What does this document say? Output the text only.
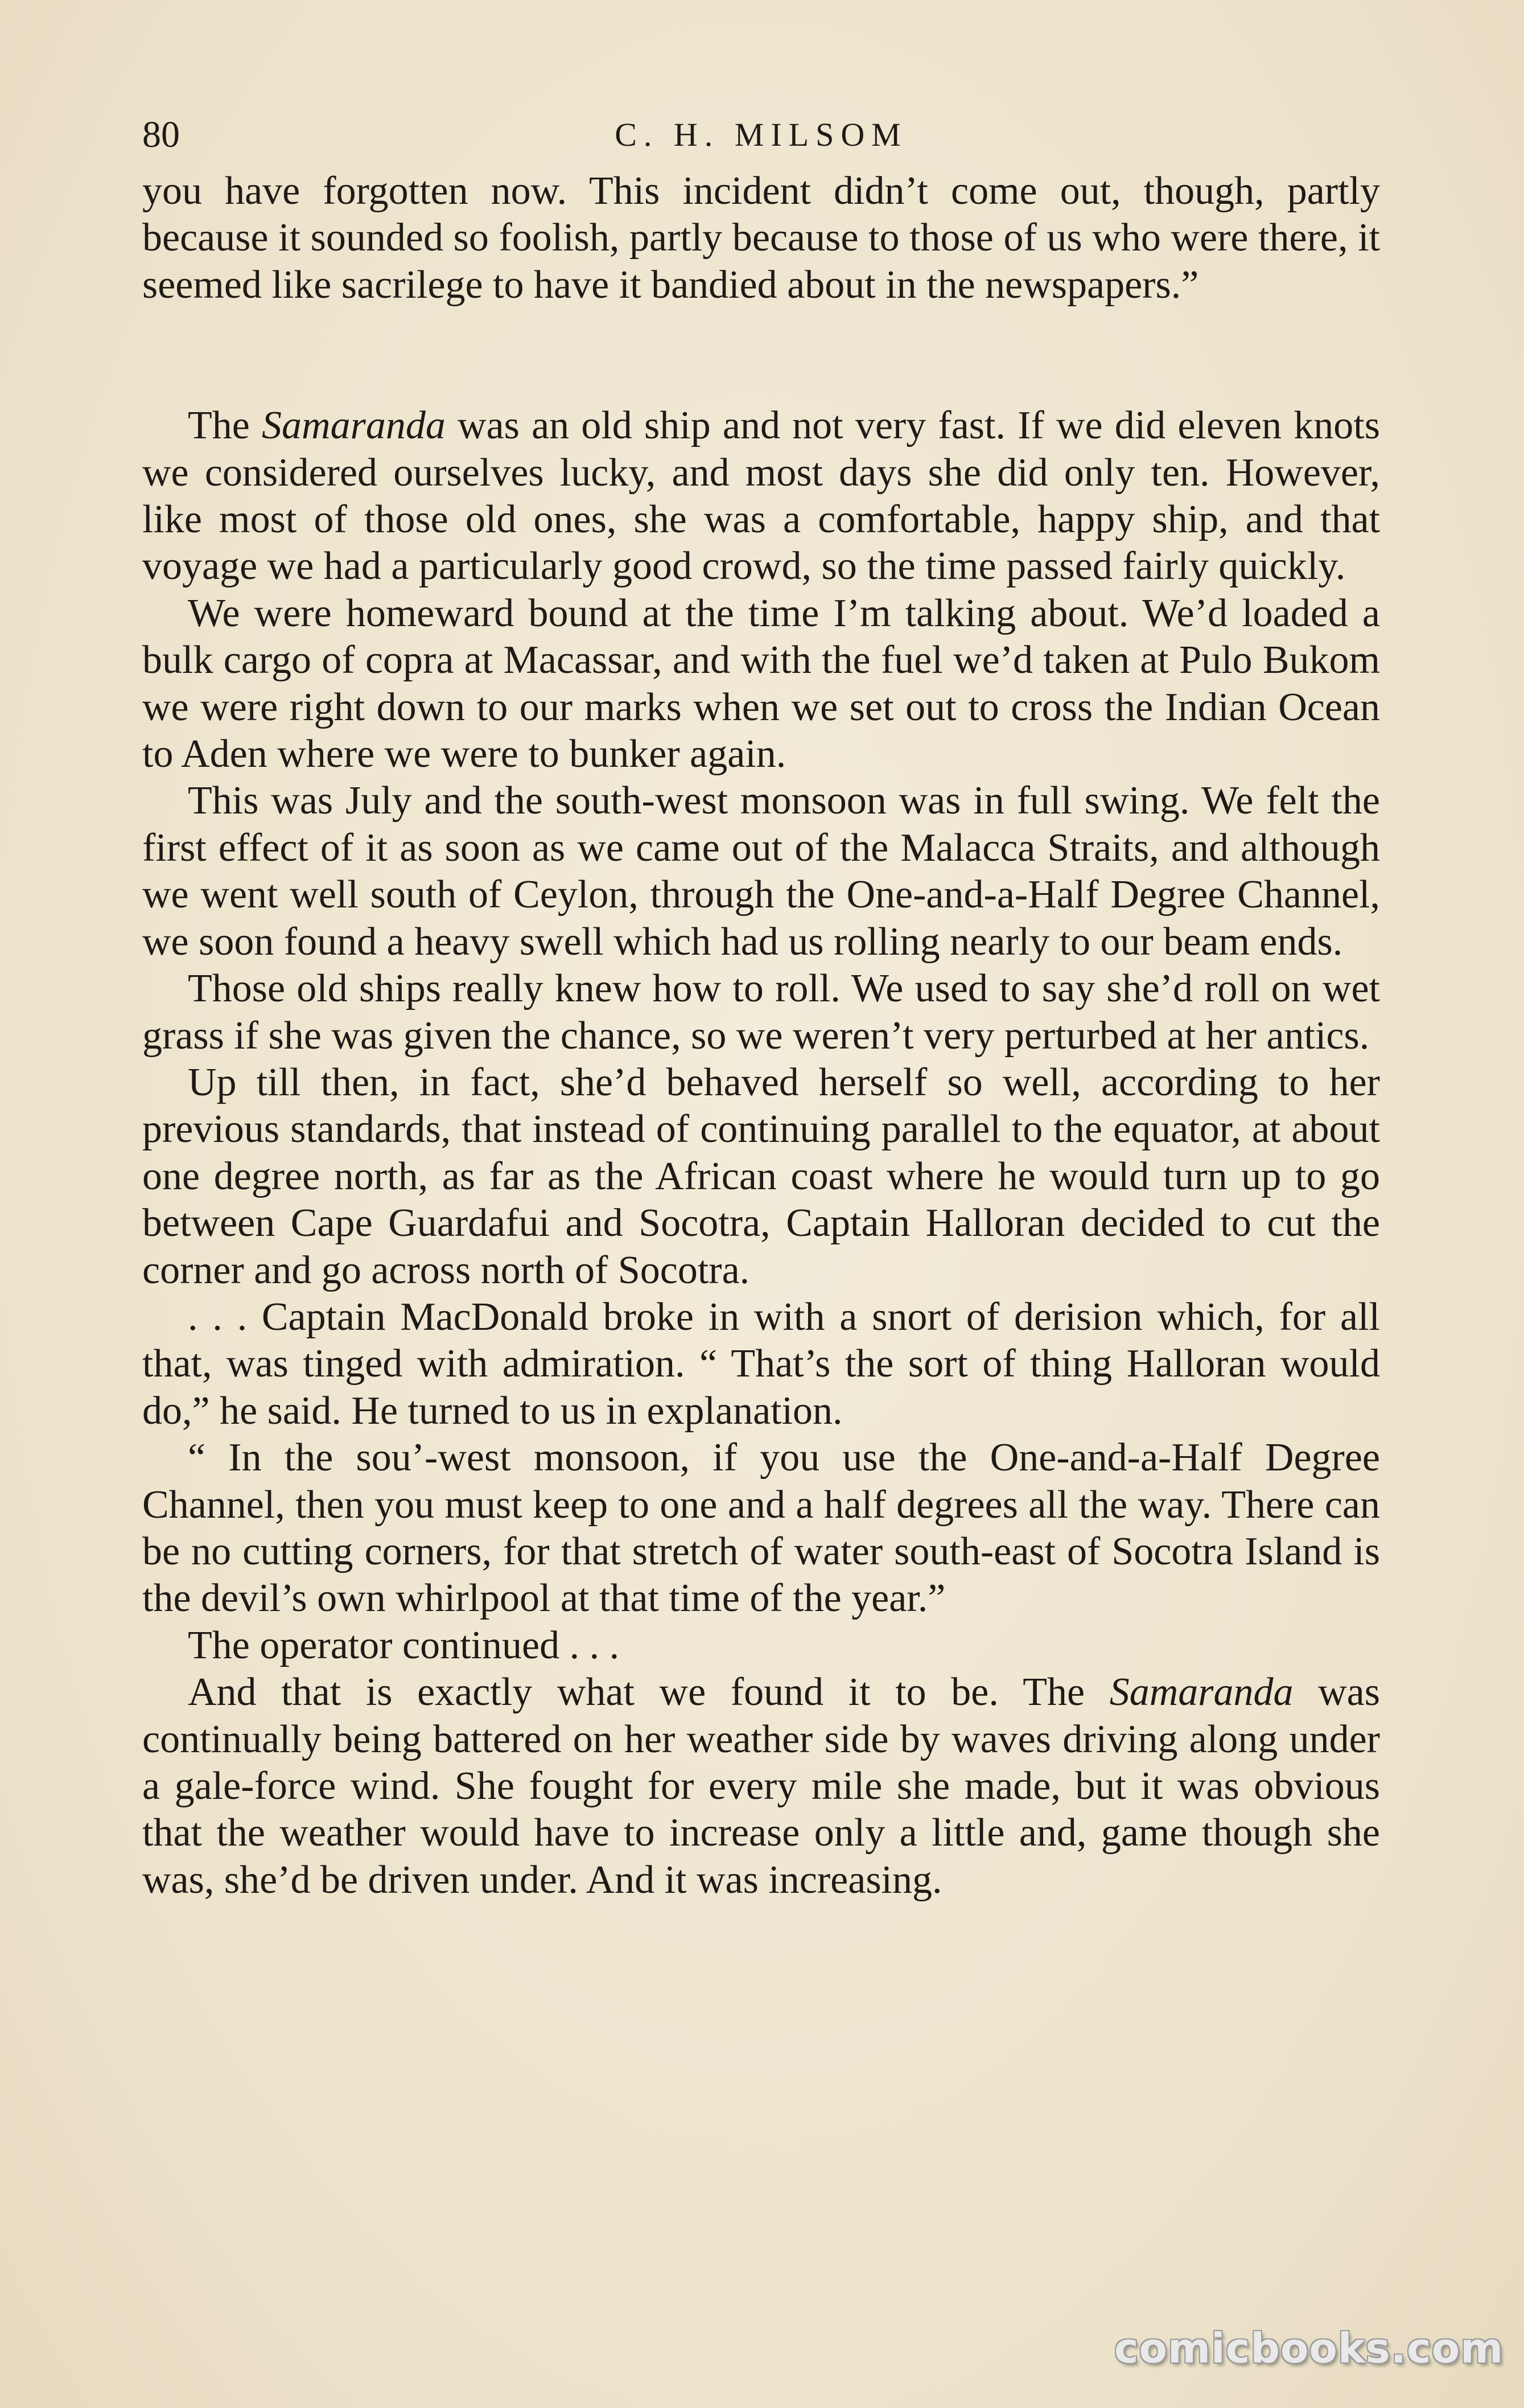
80	C. H. MILSOM

you have forgotten now. This incident didn’t come out, though, partly because it sounded so foolish, partly because to those of us who were there, it seemed like sacrilege to have it bandied about in the newspapers.”

The Samaranda was an old ship and not very fast. If we did eleven knots we considered ourselves lucky, and most days she did only ten. However, like most of those old ones, she was a comfortable, happy ship, and that voyage we had a particularly good crowd, so the time passed fairly quickly.

We were homeward bound at the time I’m talking about. We’d loaded a bulk cargo of copra at Macassar, and with the fuel we’d taken at Pulo Bukom we were right down to our marks when we set out to cross the Indian Ocean to Aden where we were to bunker again.

This was July and the south-west monsoon was in full swing. We felt the first effect of it as soon as we came out of the Malacca Straits, and although we went well south of Ceylon, through the One-and-a-Half Degree Channel, we soon found a heavy swell which had us rolling nearly to our beam ends.

Those old ships really knew how to roll. We used to say she’d roll on wet grass if she was given the chance, so we weren’t very perturbed at her antics.

Up till then, in fact, she’d behaved herself so well, according to her previous standards, that instead of continuing parallel to the equator, at about one degree north, as far as the African coast where he would turn up to go between Cape Guardafui and Socotra, Captain Halloran decided to cut the corner and go across north of Socotra.

. . . Captain MacDonald broke in with a snort of derision which, for all that, was tinged with admiration. “ That’s the sort of thing Halloran would do,” he said. He turned to us in explanation.

“ In the sou’-west monsoon, if you use the One-and-a-Half Degree Channel, then you must keep to one and a half degrees all the way. There can be no cutting corners, for that stretch of water south-east of Socotra Island is the devil’s own whirlpool at that time of the year.”

The operator continued . . .

And that is exactly what we found it to be. The Samaranda was continually being battered on her weather side by waves driving along under a gale-force wind. She fought for every mile she made, but it was obvious that the weather would have to increase only a little and, game though she was, she’d be driven under. And it was increasing.

comicbooks.com
